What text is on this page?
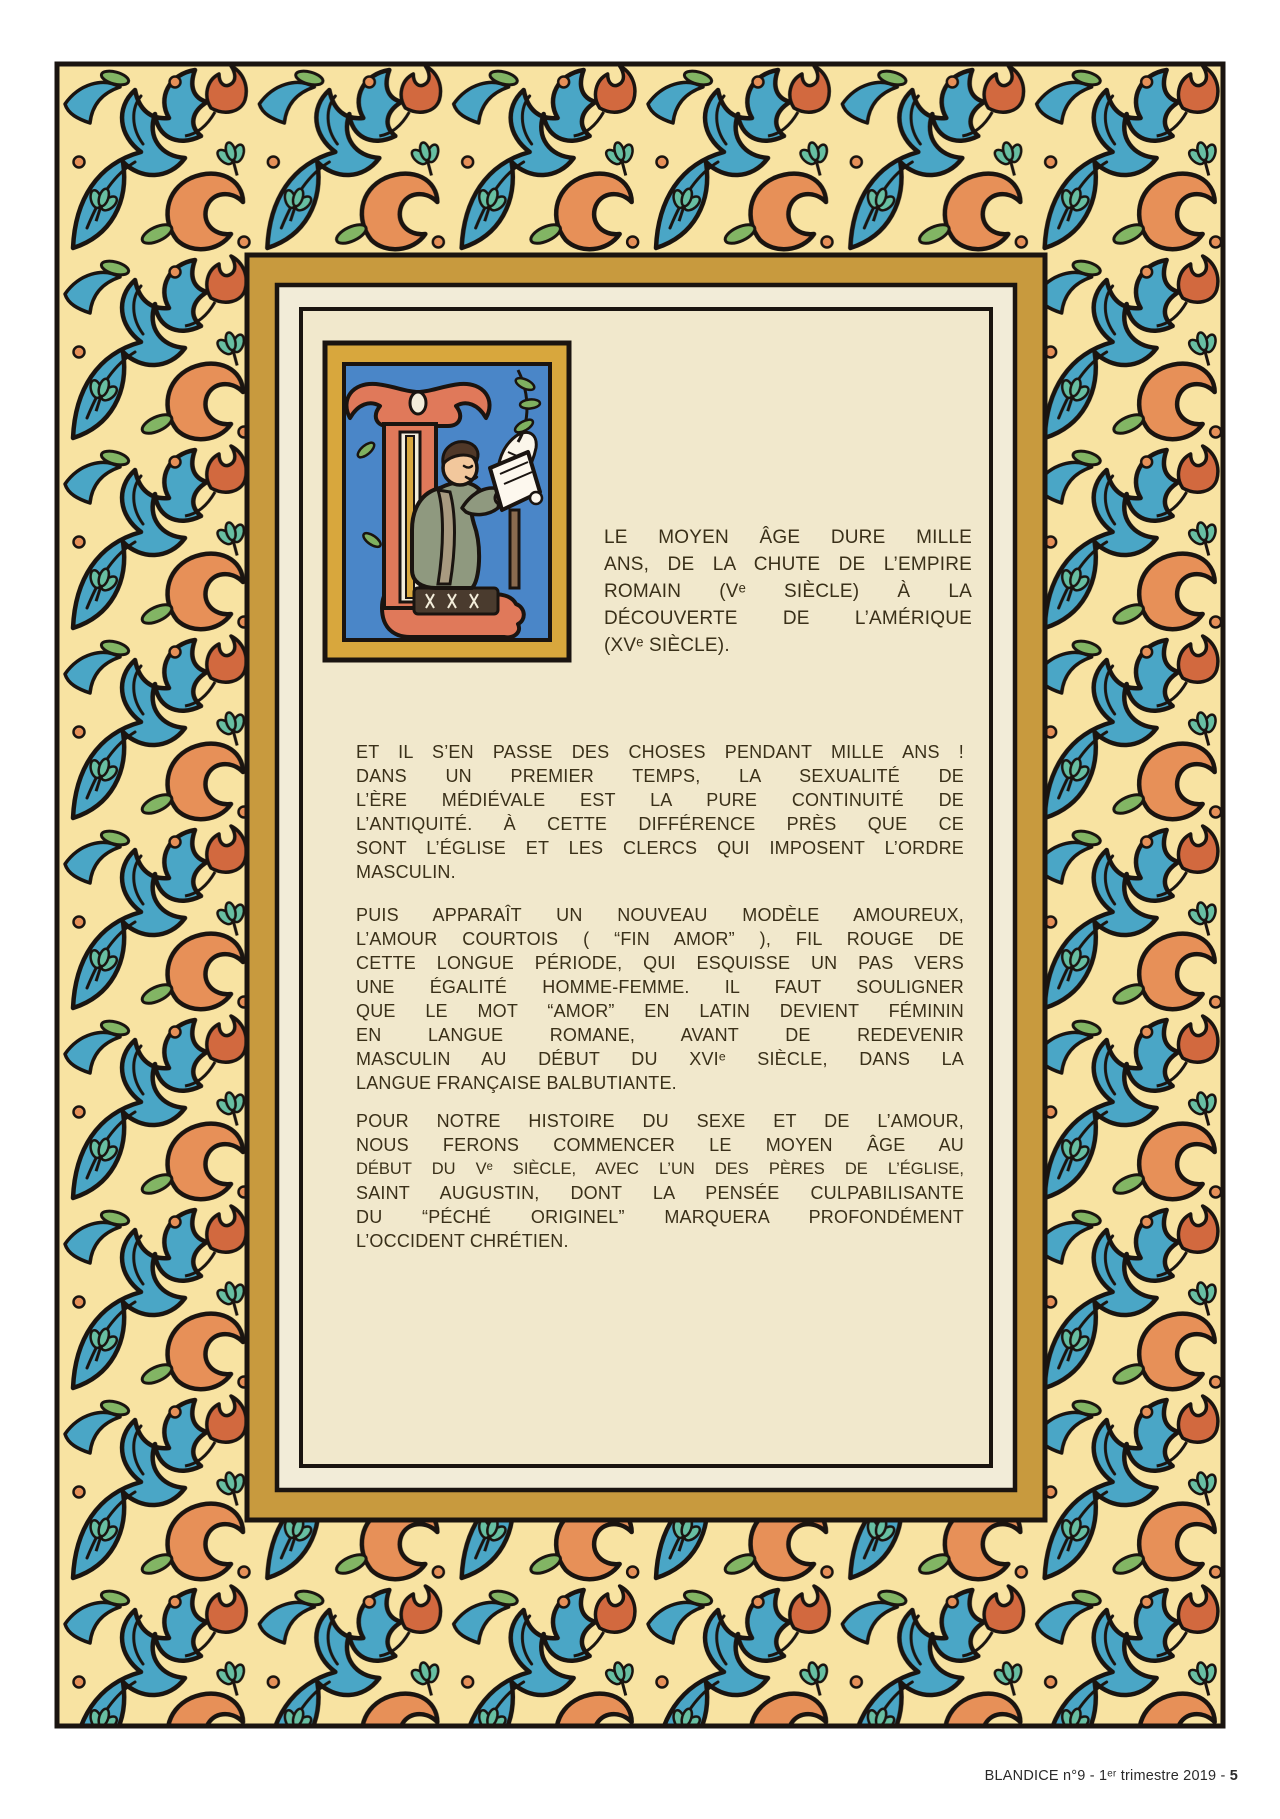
LE MOYEN ÂGE DURE MILLE
ANS, DE LA CHUTE DE L’EMPIRE
ROMAIN (Vᵉ SIÈCLE) À LA
DÉCOUVERTE DE L’AMÉRIQUE
(XVᵉ SIÈCLE).
ET IL S’EN PASSE DES CHOSES PENDANT MILLE ANS !
DANS UN PREMIER TEMPS, LA SEXUALITÉ DE
L’ÈRE MÉDIÉVALE EST LA PURE CONTINUITÉ DE
L’ANTIQUITÉ. À CETTE DIFFÉRENCE PRÈS QUE CE
SONT L’ÉGLISE ET LES CLERCS QUI IMPOSENT L’ORDRE
MASCULIN.
PUIS APPARAÎT UN NOUVEAU MODÈLE AMOUREUX,
L’AMOUR COURTOIS ( “FIN AMOR” ), FIL ROUGE DE
CETTE LONGUE PÉRIODE, QUI ESQUISSE UN PAS VERS
UNE ÉGALITÉ HOMME-FEMME. IL FAUT SOULIGNER
QUE LE MOT “AMOR” EN LATIN DEVIENT FÉMININ
EN LANGUE ROMANE, AVANT DE REDEVENIR
MASCULIN AU DÉBUT DU XVIᵉ SIÈCLE, DANS LA
LANGUE FRANÇAISE BALBUTIANTE.
POUR NOTRE HISTOIRE DU SEXE ET DE L’AMOUR,
NOUS FERONS COMMENCER LE MOYEN ÂGE AU
DÉBUT DU Vᵉ SIÈCLE, AVEC L’UN DES PÈRES DE L’ÉGLISE,
SAINT AUGUSTIN, DONT LA PENSÉE CULPABILISANTE
DU “PÉCHÉ ORIGINEL” MARQUERA PROFONDÉMENT
L’OCCIDENT CHRÉTIEN.
BLANDICE n°9 - 1ᵉʳ trimestre 2019 - 5
